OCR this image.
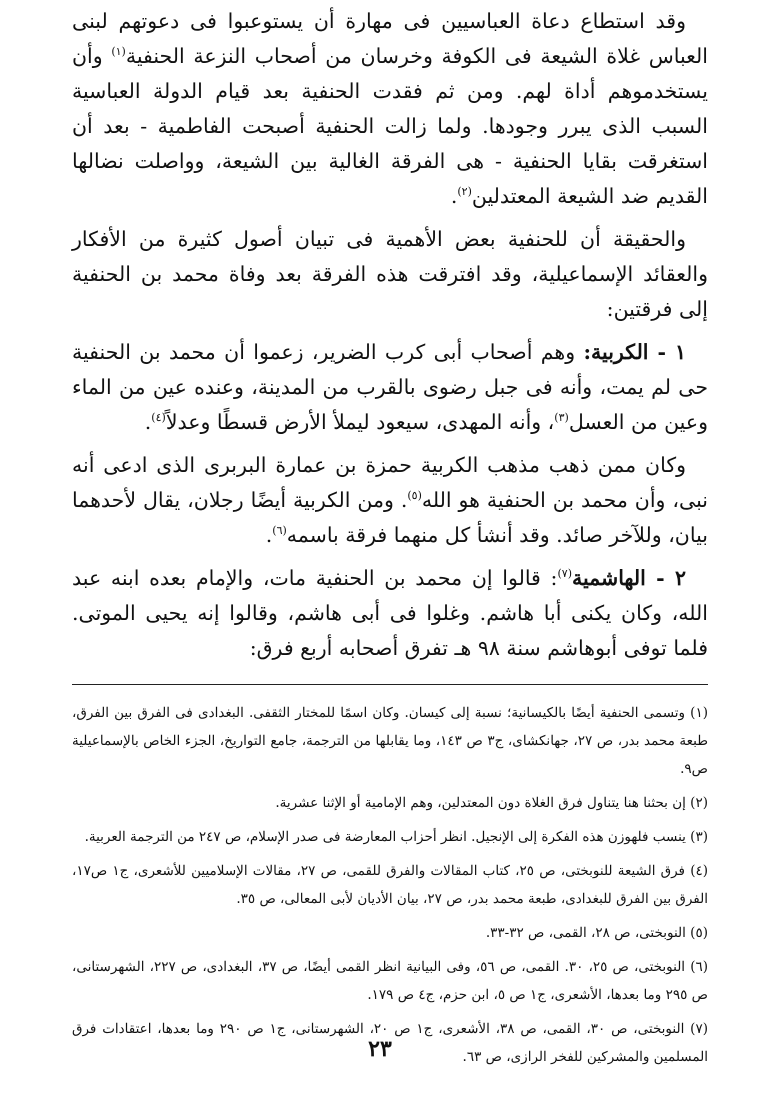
وقد استطاع دعاة العباسيين فى مهارة أن يستوعبوا فى دعوتهم لبنى العباس غلاة الشيعة فى الكوفة وخرسان من أصحاب النزعة الحنفية$^{(١)}$ وأن يستخدموهم أداة لهم. ومن ثم فقدت الحنفية بعد قيام الدولة العباسية السبب الذى يبرر وجودها. ولما زالت الحنفية أصبحت الفاطمية - بعد أن استغرقت بقايا الحنفية - هى الفرقة الغالية بين الشيعة، وواصلت نضالها القديم ضد الشيعة المعتدلين$^{(٢)}$.

والحقيقة أن للحنفية بعض الأهمية فى تبيان أصول كثيرة من الأفكار والعقائد الإسماعيلية، وقد افترقت هذه الفرقة بعد وفاة محمد بن الحنفية إلى فرقتين:

١ - الكربية: وهم أصحاب أبى كرب الضرير، زعموا أن محمد بن الحنفية حى لم يمت، وأنه فى جبل رضوى بالقرب من المدينة، وعنده عين من الماء وعين من العسل$^{(٣)}$، وأنه المهدى، سيعود ليملأ الأرض قسطًا وعدلاً$^{(٤)}$.

وكان ممن ذهب مذهب الكربية حمزة بن عمارة البربرى الذى ادعى أنه نبى، وأن محمد بن الحنفية هو الله$^{(٥)}$. ومن الكربية أيضًا رجلان، يقال لأحدهما بيان، وللآخر صائد. وقد أنشأ كل منهما فرقة باسمه$^{(٦)}$.

٢ - الهاشمية$^{(٧)}$: قالوا إن محمد بن الحنفية مات، والإمام بعده ابنه عبد الله، وكان يكنى أبا هاشم. وغلوا فى أبى هاشم، وقالوا إنه يحيى الموتى. فلما توفى أبوهاشم سنة ٩٨ هـ تفرق أصحابه أربع فرق:

(١) وتسمى الحنفية أيضًا بالكيسانية؛ نسبة إلى كيسان. وكان اسمًا للمختار الثقفى. البغدادى فى الفرق بين الفرق، طبعة محمد بدر، ص ٢٧، جهانكشاى، ج٣ ص ١٤٣، وما يقابلها من الترجمة، جامع التواريخ، الجزء الخاص بالإسماعيلية ص٩.
(٢) إن بحثنا هنا يتناول فرق الغلاة دون المعتدلين، وهم الإمامية أو الإثنا عشرية.
(٣) ينسب فلهوزن هذه الفكرة إلى الإنجيل. انظر أحزاب المعارضة فى صدر الإسلام، ص ٢٤٧ من الترجمة العربية.
(٤) فرق الشيعة للنوبختى، ص ٢٥، كتاب المقالات والفرق للقمى، ص ٢٧، مقالات الإسلاميين للأشعرى، ج١ ص١٧، الفرق بين الفرق للبغدادى، طبعة محمد بدر، ص ٢٧، بيان الأديان لأبى المعالى، ص ٣٥.
(٥) النوبختى، ص ٢٨، القمى، ص ٣٢-٣٣.
(٦) النوبختى، ص ٢٥، ٣٠. القمى، ص ٥٦، وفى البيانية انظر القمى أيضًا، ص ٣٧، البغدادى، ص ٢٢٧، الشهرستانى، ص ٢٩٥ وما بعدها، الأشعرى، ج١ ص ٥، ابن حزم، ج٤ ص ١٧٩.
(٧) النوبختى، ص ٣٠، القمى، ص ٣٨، الأشعرى، ج١ ص ٢٠، الشهرستانى، ج١ ص ٢٩٠ وما بعدها، اعتقادات فرق المسلمين والمشركين للفخر الرازى، ص ٦٣.
٢٣
